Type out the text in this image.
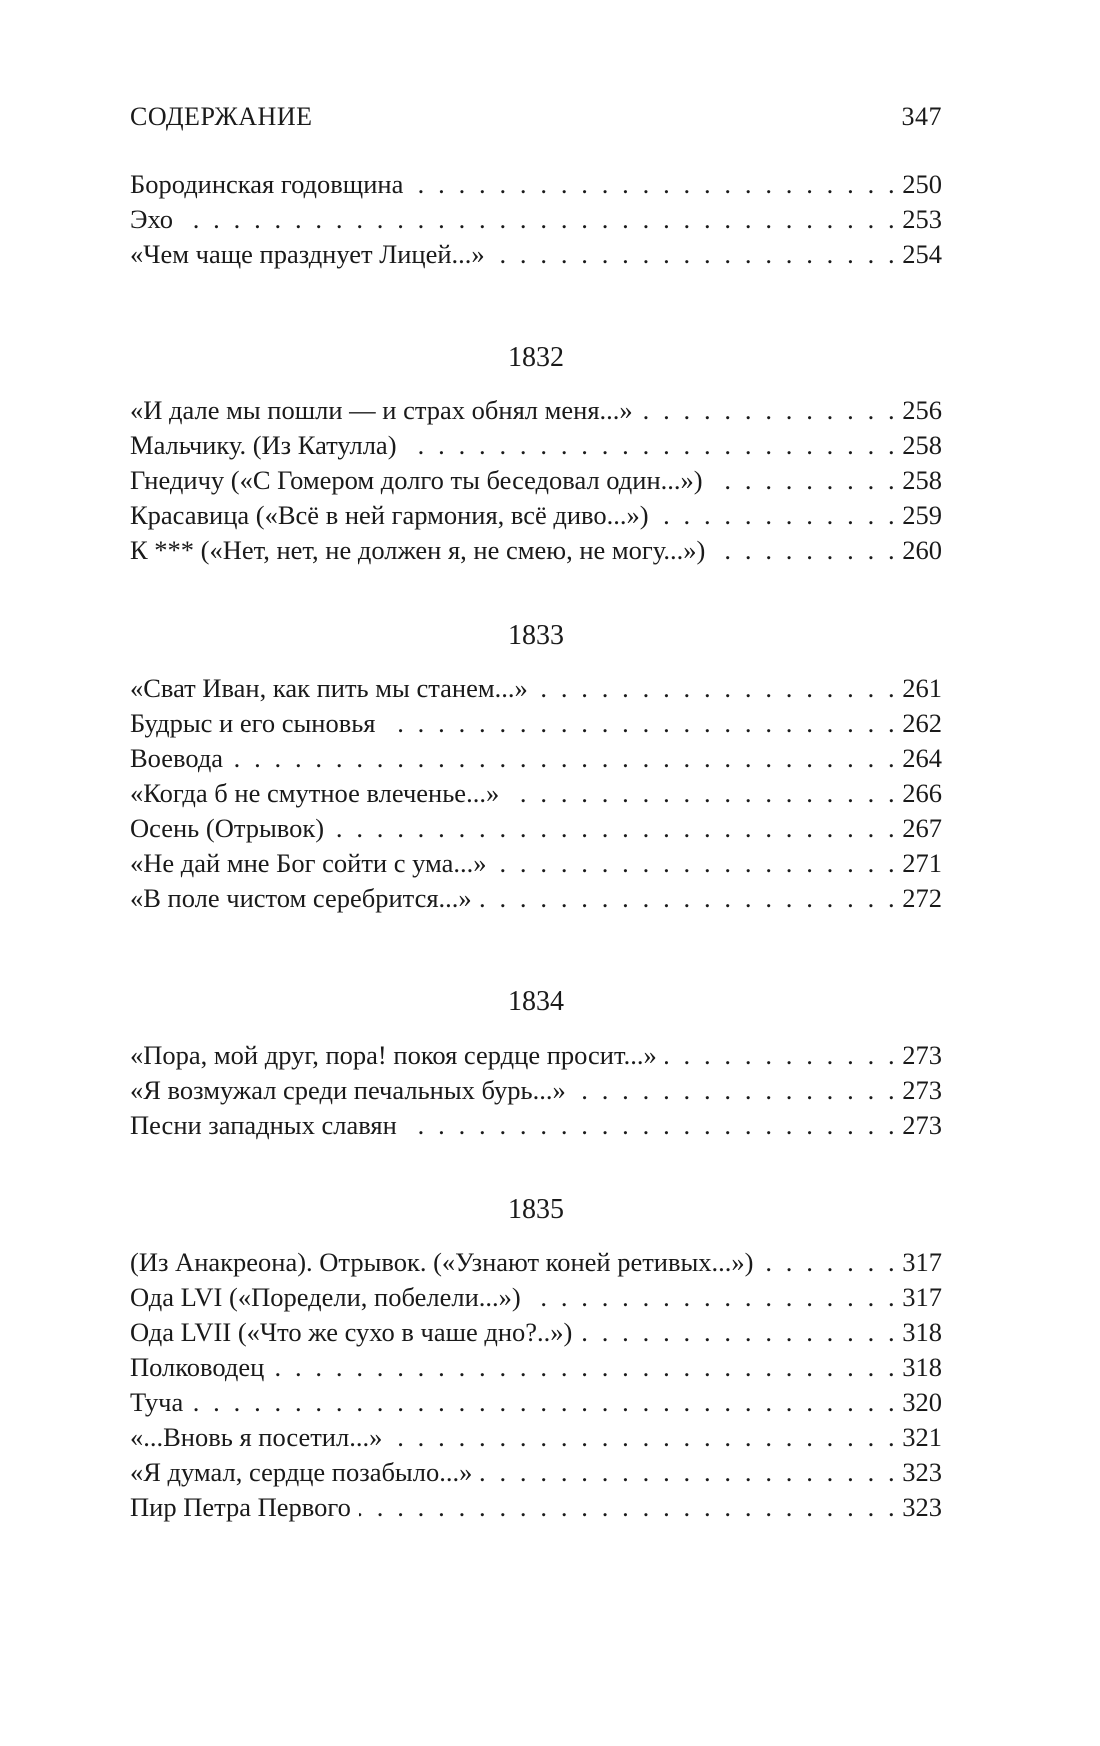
СОДЕРЖАНИЕ	347
Бородинская годовщина . . .	250
Эхо . . .	253
«Чем чаще празднует Лицей...» . . .	254
1832
«И дале мы пошли — и страх обнял меня...» . . .	256
Мальчику. (Из Катулла) . . .	258
Гнедичу («С Гомером долго ты беседовал один...») . . .	258
Красавица («Всё в ней гармония, всё диво...») . . .	259
К *** («Нет, нет, не должен я, не смею, не могу...») . . .	260
1833
«Сват Иван, как пить мы станем...» . . .	261
Будрыс и его сыновья . . .	262
Воевода . . .	264
«Когда б не смутное влеченье...» . . .	266
Осень (Отрывок) . . .	267
«Не дай мне Бог сойти с ума...» . . .	271
«В поле чистом серебрится...» . . .	272
1834
«Пора, мой друг, пора! покоя сердце просит...» . . .	273
«Я возмужал среди печальных бурь...» . . .	273
Песни западных славян . . .	273
1835
(Из Анакреона). Отрывок. («Узнают коней ретивых...») . . .	317
Ода LVI («Поредели, побелели...») . . .	317
Ода LVII («Что же сухо в чаше дно?..») . . .	318
Полководец . . .	318
Туча . . .	320
«...Вновь я посетил...» . . .	321
«Я думал, сердце позабыло...» . . .	323
Пир Петра Первого . . .	323
